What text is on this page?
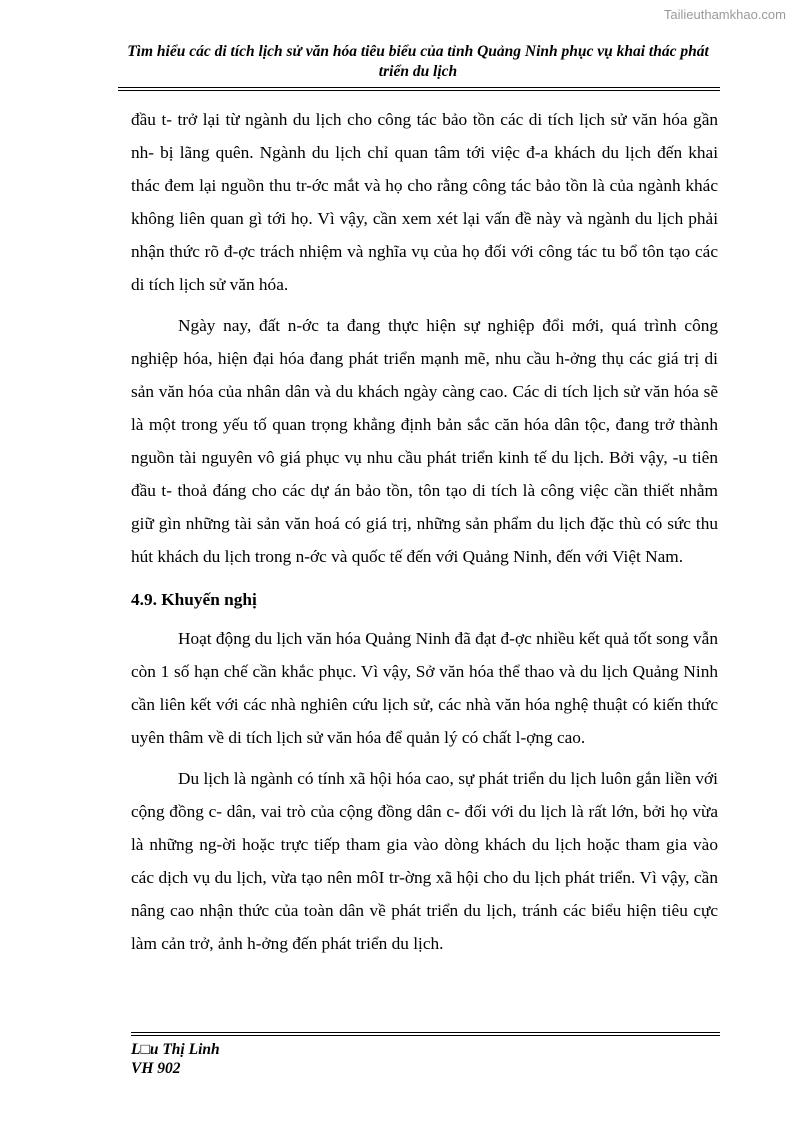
Tailieuthamkhao.com
Tìm hiểu các di tích lịch sử văn hóa tiêu biểu của tỉnh Quảng Ninh phục vụ khai thác phát triển du lịch

đầu t- trở lại từ ngành du lịch cho công tác bảo tồn các di tích lịch sử văn hóa gần nh- bị lãng quên. Ngành du lịch chỉ quan tâm tới việc đ-a khách du lịch đến khai thác đem lại nguồn thu tr-ớc mắt và họ cho rằng công tác bảo tồn là của ngành khác không liên quan gì tới họ. Vì vậy, cần xem xét lại vấn đề này và ngành du lịch phải nhận thức rõ đ-ợc trách nhiệm và nghĩa vụ của họ đối với công tác tu bổ tôn tạo các di tích lịch sử văn hóa.

Ngày nay, đất n-ớc ta đang thực hiện sự nghiệp đổi mới, quá trình công nghiệp hóa, hiện đại hóa đang phát triển mạnh mẽ, nhu cầu h-ởng thụ các giá trị di sản văn hóa của nhân dân và du khách ngày càng cao. Các di tích lịch sử văn hóa sẽ là một trong yếu tố quan trọng khẳng định bản sắc căn hóa dân tộc, đang trở thành nguồn tài nguyên vô giá phục vụ nhu cầu phát triển kinh tế du lịch. Bởi vậy, -u tiên đầu t- thoả đáng cho các dự án bảo tồn, tôn tạo di tích là công việc cần thiết nhằm giữ gìn những tài sản văn hoá có giá trị, những sản phẩm du lịch đặc thù có sức thu hút khách du lịch trong n-ớc và quốc tế đến với Quảng Ninh, đến với Việt Nam.

4.9. Khuyến nghị

Hoạt động du lịch văn hóa Quảng Ninh đã đạt đ-ợc nhiều kết quả tốt song vẫn còn 1 số hạn chế cần khắc phục. Vì vậy, Sở văn hóa thể thao và du lịch Quảng Ninh cần liên kết với các nhà nghiên cứu lịch sử, các nhà văn hóa nghệ thuật có kiến thức uyên thâm về di tích lịch sử văn hóa để quản lý có chất l-ợng cao.

Du lịch là ngành có tính xã hội hóa cao, sự phát triển du lịch luôn gắn liền với cộng đồng c- dân, vai trò của cộng đồng dân c- đối với du lịch là rất lớn, bởi họ vừa là những ng-ời hoặc trực tiếp tham gia vào dòng khách du lịch hoặc tham gia vào các dịch vụ du lịch, vừa tạo nên môI tr-ờng xã hội cho du lịch phát triển. Vì vậy, cần nâng cao nhận thức của toàn dân về phát triển du lịch, tránh các biểu hiện tiêu cực làm cản trở, ảnh h-ởng đến phát triển du lịch.

L□u Thị Linh
VH 902
